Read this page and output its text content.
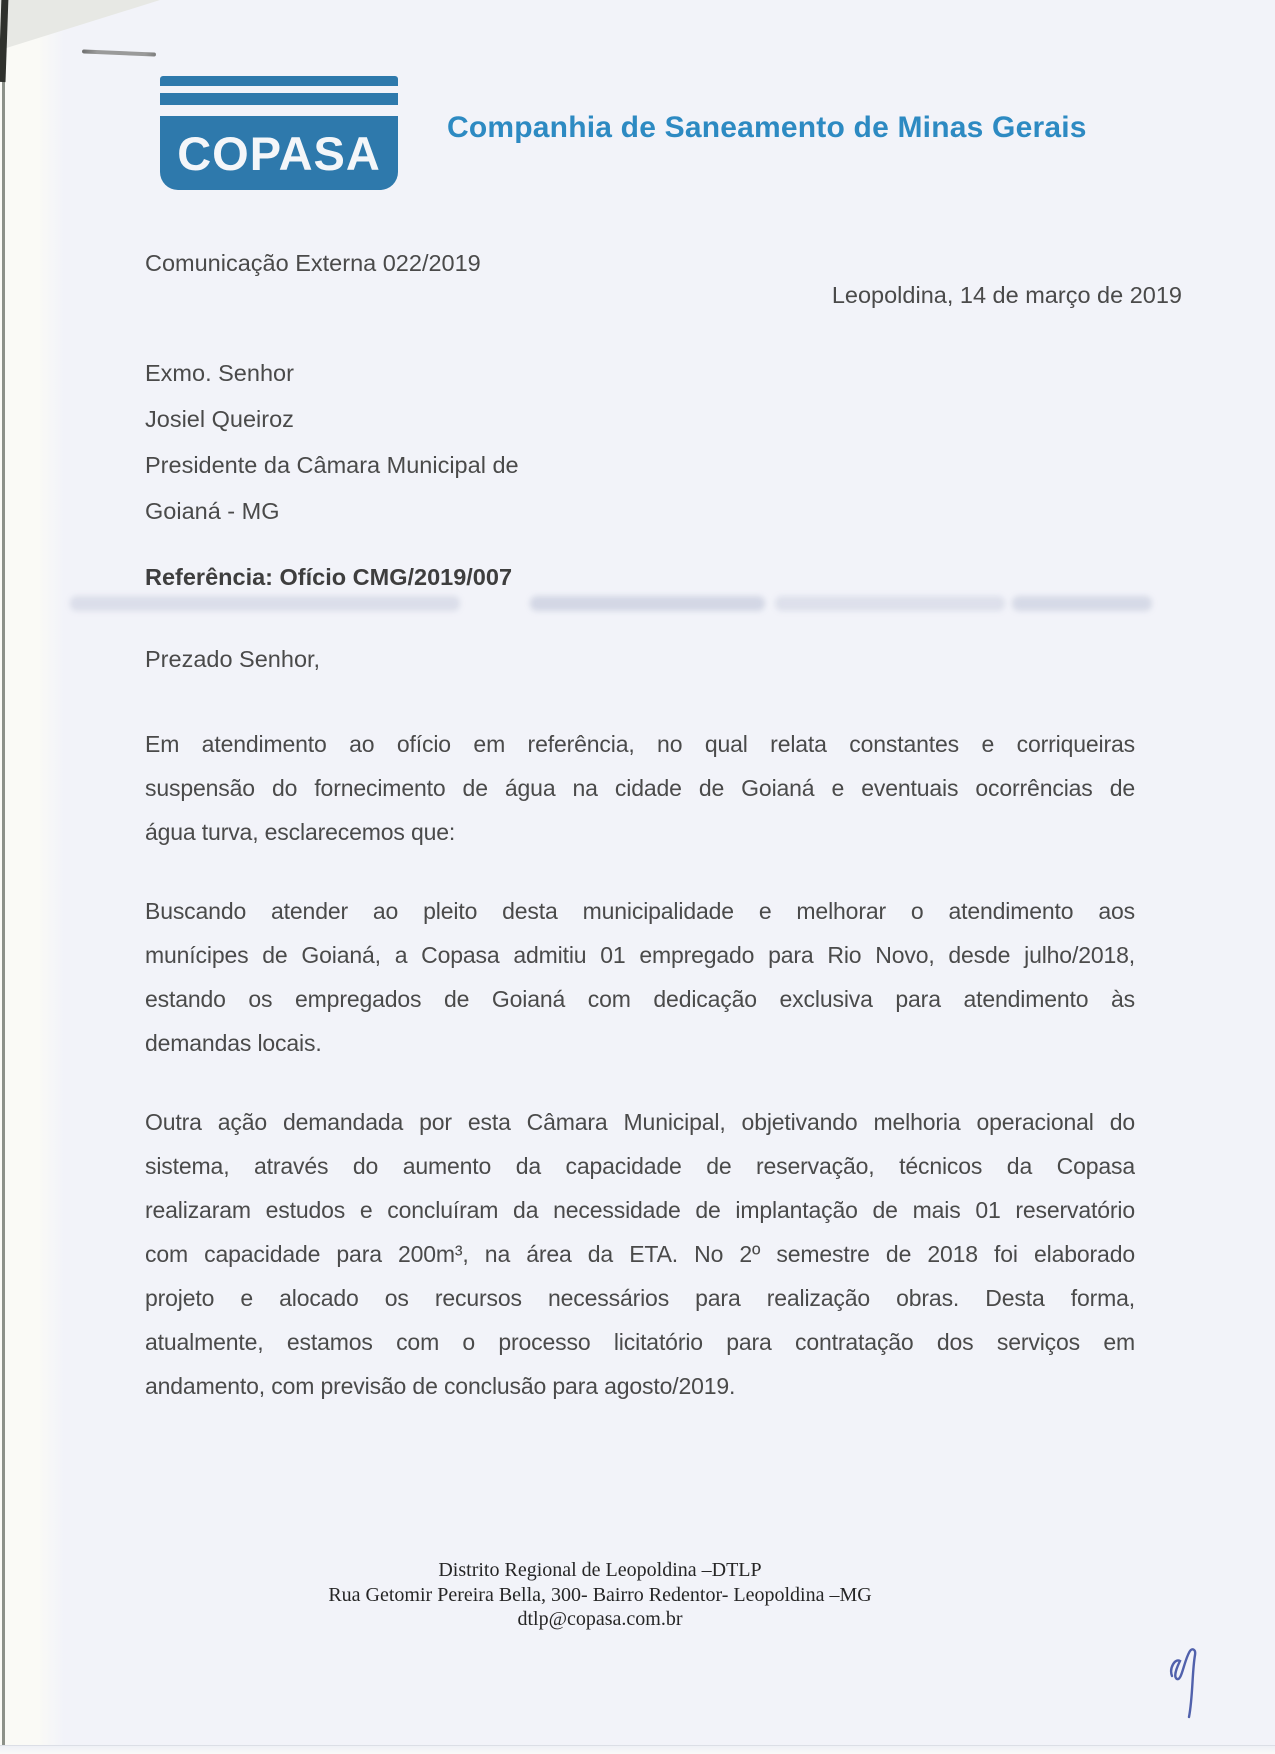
COPASA Companhia de Saneamento de Minas Gerais
Comunicação Externa 022/2019
Leopoldina, 14 de março de 2019
Exmo. Senhor
Josiel Queiroz
Presidente da Câmara Municipal de
Goianá - MG
Referência: Ofício CMG/2019/007
Prezado Senhor,
Em atendimento ao ofício em referência, no qual relata constantes e corriqueiras
suspensão do fornecimento de água na cidade de Goianá e eventuais ocorrências de
água turva, esclarecemos que:
Buscando atender ao pleito desta municipalidade e melhorar o atendimento aos
munícipes de Goianá, a Copasa admitiu 01 empregado para Rio Novo, desde julho/2018,
estando os empregados de Goianá com dedicação exclusiva para atendimento às
demandas locais.
Outra ação demandada por esta Câmara Municipal, objetivando melhoria operacional do
sistema, através do aumento da capacidade de reservação, técnicos da Copasa
realizaram estudos e concluíram da necessidade de implantação de mais 01 reservatório
com capacidade para 200m³, na área da ETA. No 2º semestre de 2018 foi elaborado
projeto e alocado os recursos necessários para realização obras. Desta forma,
atualmente, estamos com o processo licitatório para contratação dos serviços em
andamento, com previsão de conclusão para agosto/2019.
Distrito Regional de Leopoldina –DTLP
Rua Getomir Pereira Bella, 300- Bairro Redentor- Leopoldina –MG
dtlp@copasa.com.br
